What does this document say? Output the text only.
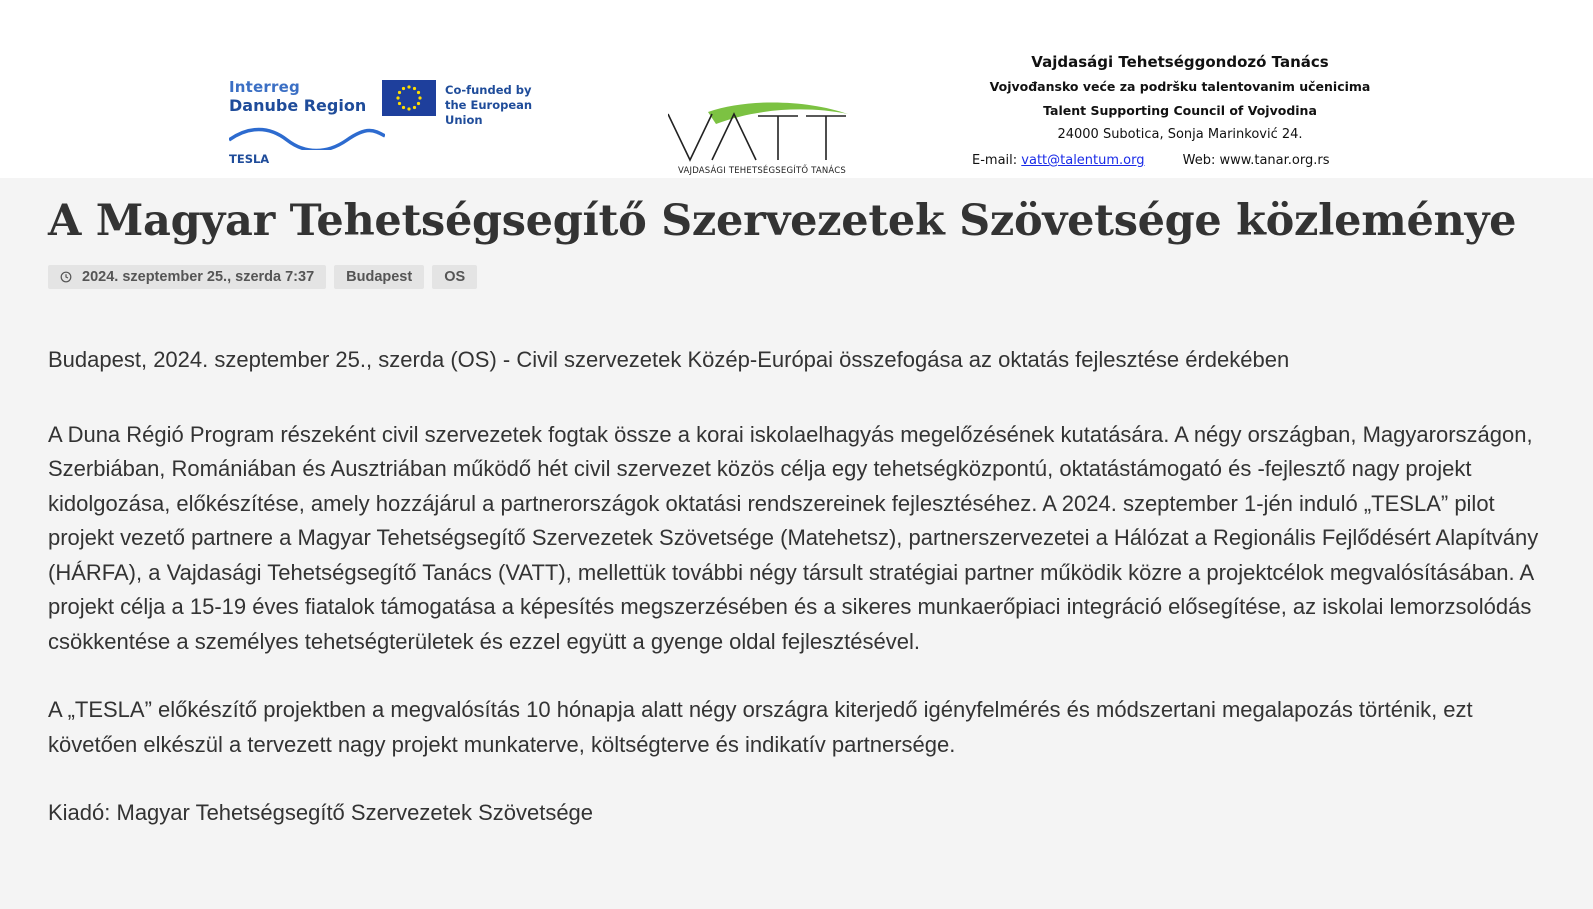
Interreg
Danube Region
Co-funded by
the European Union
TESLA
VAJDASÁGI TEHETSÉGSEGÍTŐ TANÁCS
Vajdasági Tehetséggondozó Tanács
Vojvođansko veće za podršku talentovanim učenicima
Talent Supporting Council of Vojvodina
24000 Subotica, Sonja Marinković 24.
E-mail: vatt@talentum.org	Web: www.tanar.org.rs
A Magyar Tehetségsegítő Szervezetek Szövetsége közleménye
2024. szeptember 25., szerda 7:37	Budapest	OS

Budapest, 2024. szeptember 25., szerda (OS) - Civil szervezetek Közép-Európai összefogása az oktatás fejlesztése érdekében

A Duna Régió Program részeként civil szervezetek fogtak össze a korai iskolaelhagyás megelőzésének kutatására. A négy országban, Magyarországon, Szerbiában, Romániában és Ausztriában működő hét civil szervezet közös célja egy tehetségközpontú, oktatástámogató és -fejlesztő nagy projekt kidolgozása, előkészítése, amely hozzájárul a partnerországok oktatási rendszereinek fejlesztéséhez. A 2024. szeptember 1-jén induló „TESLA” pilot projekt vezető partnere a Magyar Tehetségsegítő Szervezetek Szövetsége (Matehetsz), partnerszervezetei a Hálózat a Regionális Fejlődésért Alapítvány (HÁRFA), a Vajdasági Tehetségsegítő Tanács (VATT), mellettük további négy társult stratégiai partner működik közre a projektcélok megvalósításában. A projekt célja a 15-19 éves fiatalok támogatása a képesítés megszerzésében és a sikeres munkaerőpiaci integráció elősegítése, az iskolai lemorzsolódás csökkentése a személyes tehetségterületek és ezzel együtt a gyenge oldal fejlesztésével.

A „TESLA” előkészítő projektben a megvalósítás 10 hónapja alatt négy országra kiterjedő igényfelmérés és módszertani megalapozás történik, ezt követően elkészül a tervezett nagy projekt munkaterve, költségterve és indikatív partnersége.

Kiadó: Magyar Tehetségsegítő Szervezetek Szövetsége
